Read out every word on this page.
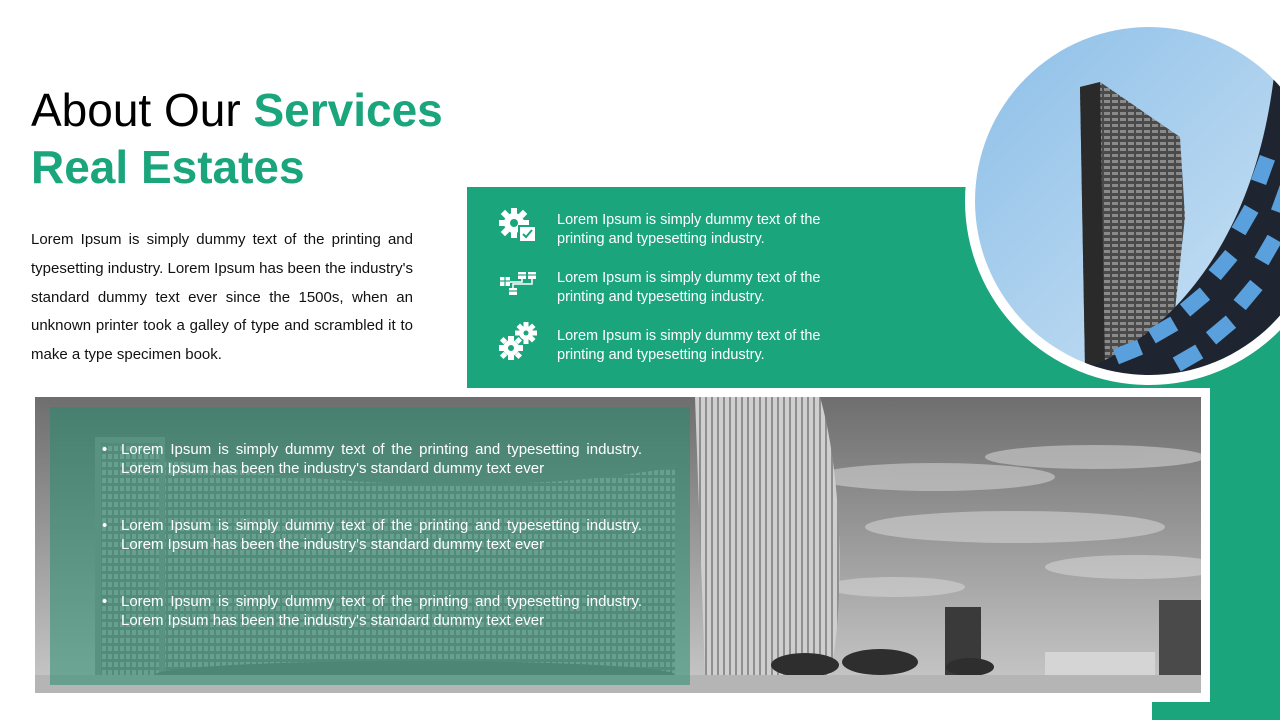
About Our Services
Real Estates

Lorem Ipsum is simply dummy text of the printing and typesetting industry. Lorem Ipsum has been the industry's standard dummy text ever since the 1500s, when an unknown printer took a galley of type and scrambled it to make a type specimen book.

Lorem Ipsum is simply dummy text of the printing and typesetting industry.
Lorem Ipsum is simply dummy text of the printing and typesetting industry.
Lorem Ipsum is simply dummy text of the printing and typesetting industry.
• Lorem Ipsum is simply dummy text of the printing and typesetting industry. Lorem Ipsum has been the industry's standard dummy text ever
• Lorem Ipsum is simply dummy text of the printing and typesetting industry. Lorem Ipsum has been the industry's standard dummy text ever
• Lorem Ipsum is simply dummy text of the printing and typesetting industry. Lorem Ipsum has been the industry's standard dummy text ever
